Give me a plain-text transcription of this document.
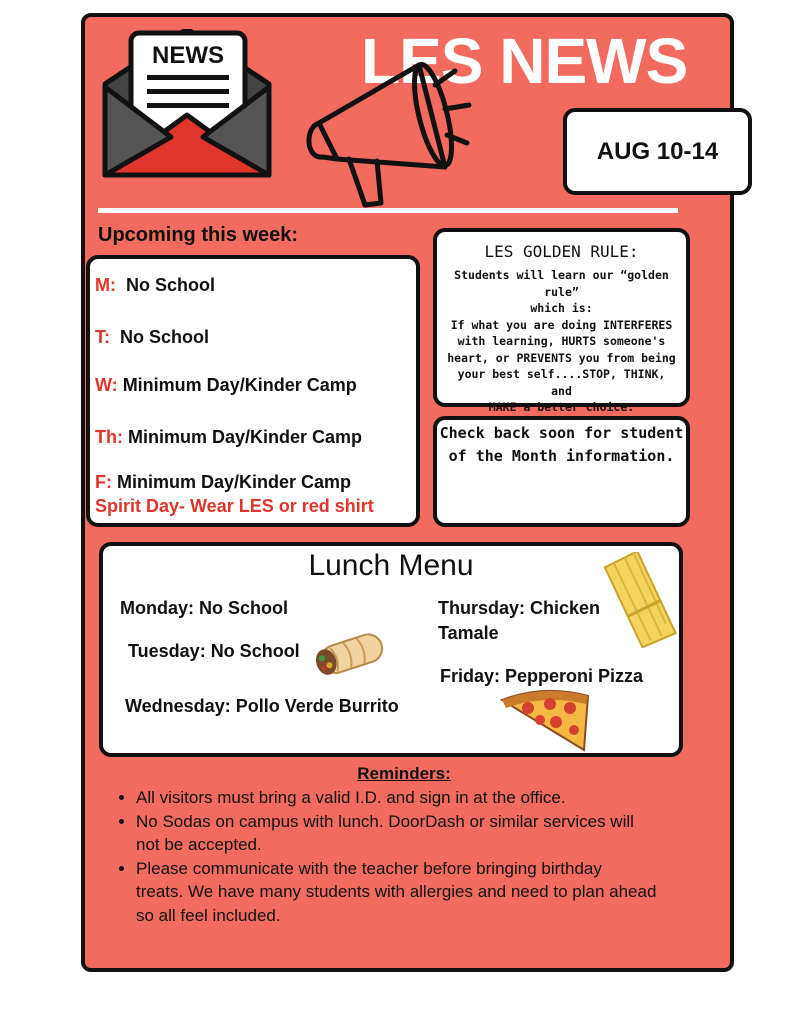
NEWS LES NEWS
AUG 10-14
Upcoming this week:
M: No School
T: No School
W: Minimum Day/Kinder Camp
Th: Minimum Day/Kinder Camp
F: Minimum Day/Kinder Camp
Spirit Day- Wear LES or red shirt
LES GOLDEN RULE:
Students will learn our “golden rule”
which is:
If what you are doing INTERFERES
with learning, HURTS someone's
heart, or PREVENTS you from being
your best self....STOP, THINK, and
MAKE a better choice.
Check back soon for student
of the Month information.
Lunch Menu
Monday: No School
Tuesday: No School
Wednesday: Pollo Verde Burrito
Thursday: Chicken
Tamale
Friday: Pepperoni Pizza
Reminders:
• All visitors must bring a valid I.D. and sign in at the office.
• No Sodas on campus with lunch. DoorDash or similar services will
not be accepted.
• Please communicate with the teacher before bringing birthday
treats. We have many students with allergies and need to plan ahead
so all feel included.
